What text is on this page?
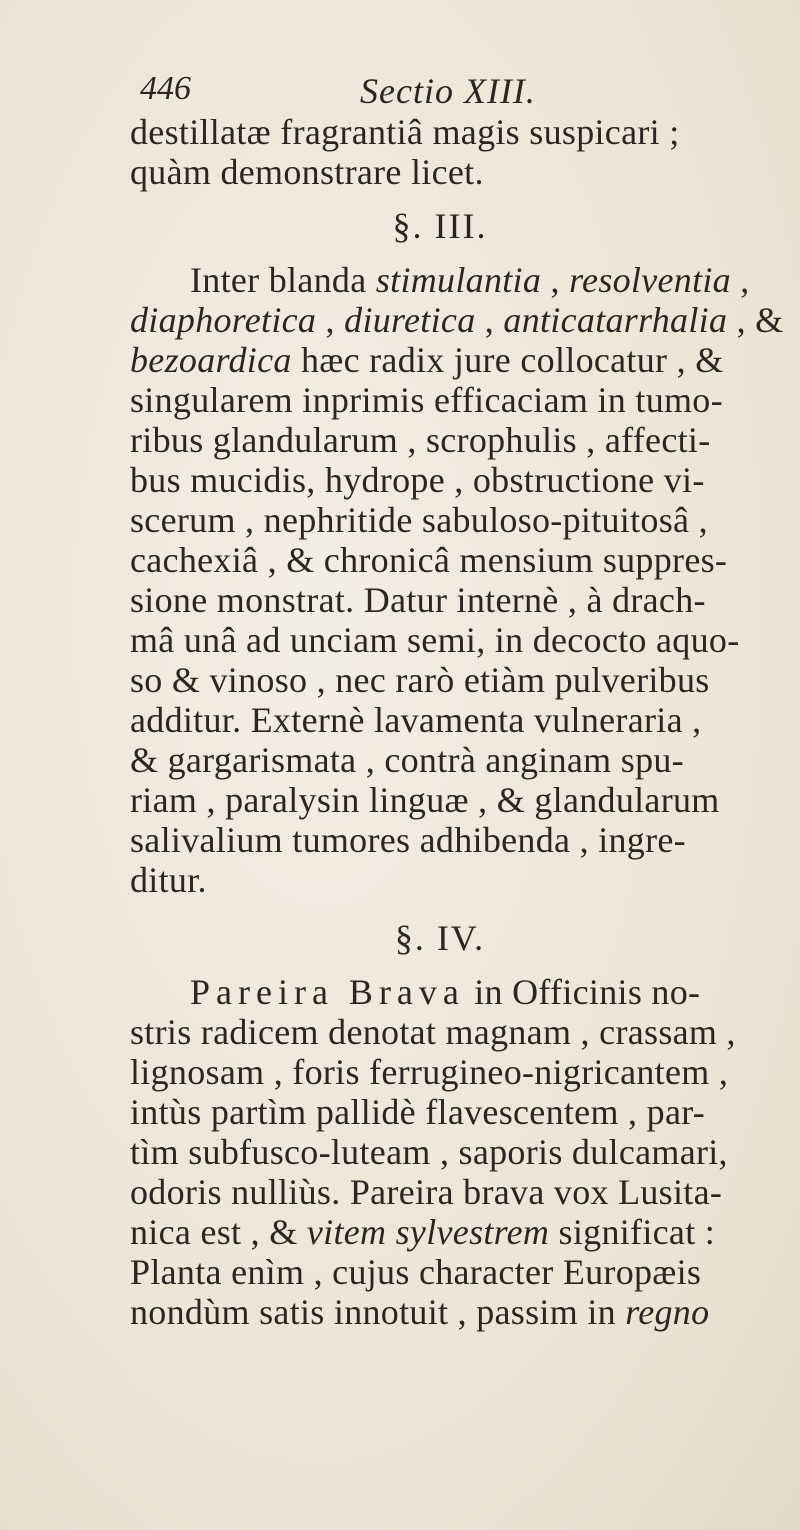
446	Sectio XIII.
destillatæ fragrantiâ magis suspicari ;
quàm demonstrare licet.
§. III.
Inter blanda stimulantia , resolventia ,
diaphoretica , diuretica , anticatarrhalia , &
bezoardica hæc radix jure collocatur , &
singularem inprimis efficaciam in tumo-
ribus glandularum , scrophulis , affecti-
bus mucidis, hydrope , obstructione vi-
scerum , nephritide sabuloso-pituitosâ ,
cachexiâ , & chronicâ mensium suppres-
sione monstrat. Datur internè , à drach-
mâ unâ ad unciam semi, in decocto aquo-
so & vinoso , nec rarò etiàm pulveribus
additur. Externè lavamenta vulneraria ,
& gargarismata , contrà anginam spu-
riam , paralysin linguæ , & glandularum
salivalium tumores adhibenda , ingre-
ditur.
§. IV.
Pareira Brava in Officinis no-
stris radicem denotat magnam , crassam ,
lignosam , foris ferrugineo-nigricantem ,
intùs partìm pallidè flavescentem , par-
tìm subfusco-luteam , saporis dulcamari,
odoris nulliùs. Pareira brava vox Lusita-
nica est , & vitem sylvestrem significat :
Planta enìm , cujus character Europæis
nondùm satis innotuit , passim in regno
